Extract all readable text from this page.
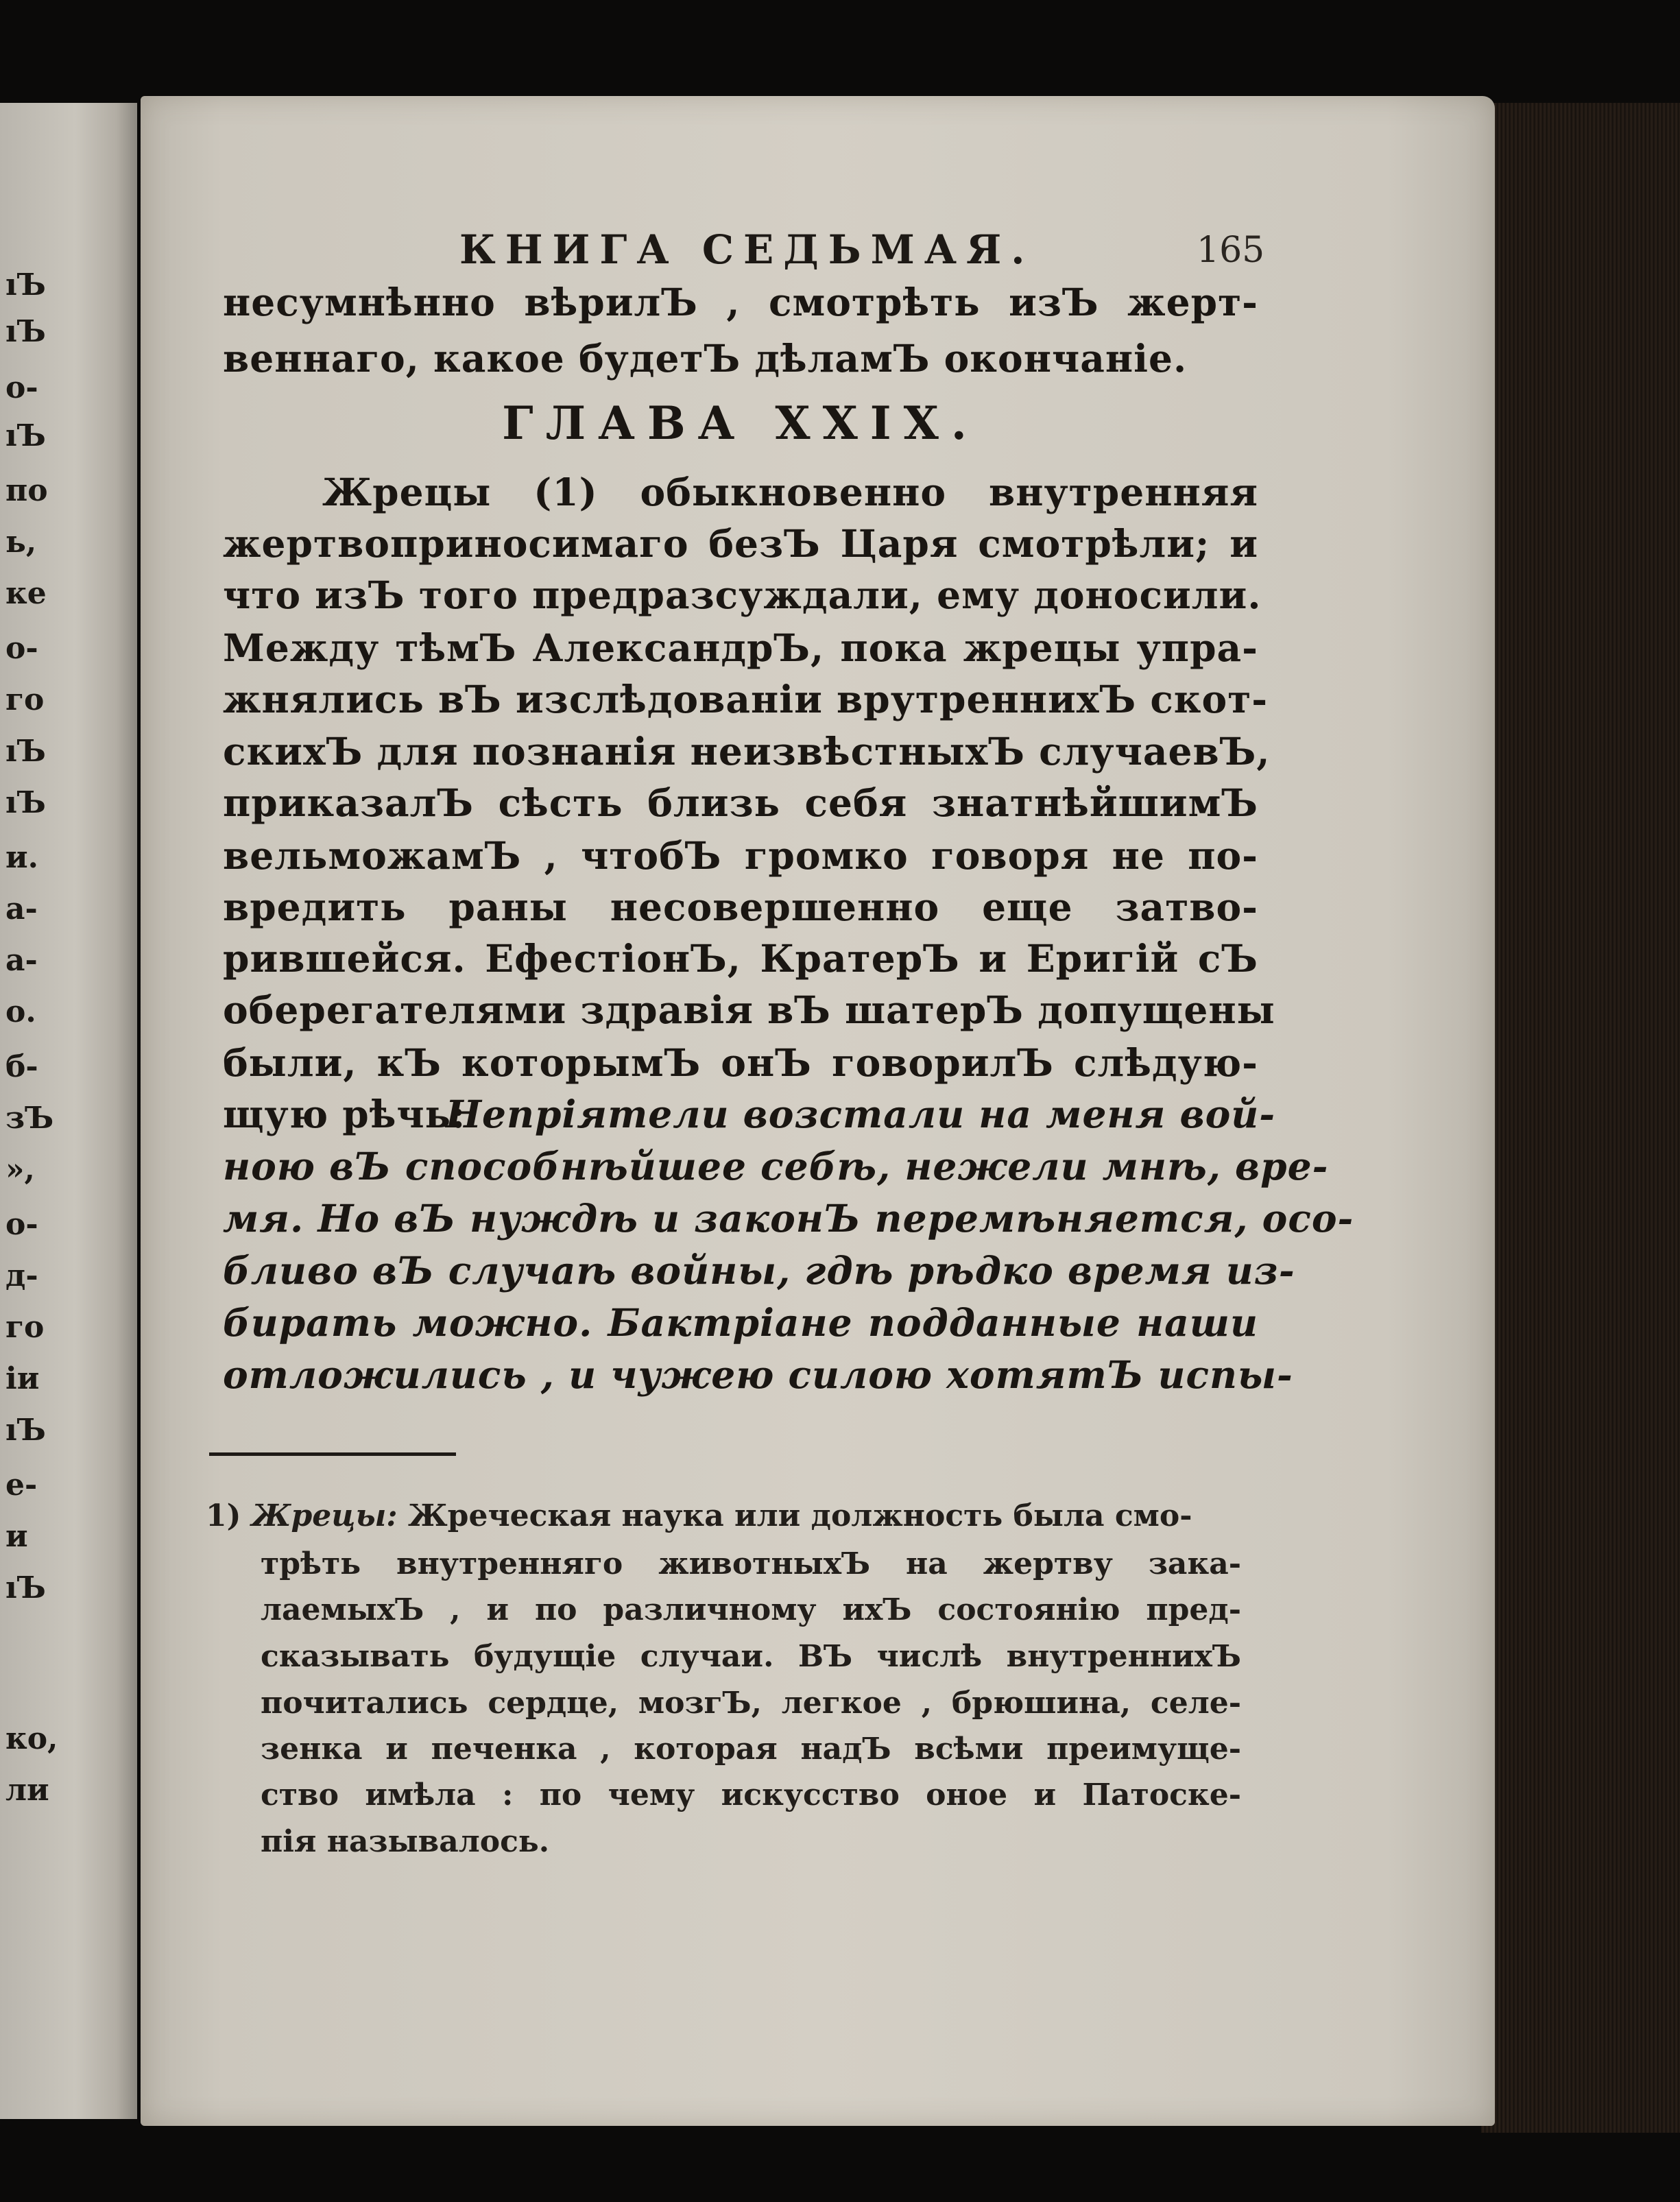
ıЪ
ıЪ
о-
ıЪ
по
ь,
ке
о-
го
ıЪ
ıЪ
и.
а-
а-
о.
б-
зЪ
»,
о-
д-
го
іи
ıЪ
е-
и
ıЪ
ко,
ли
КНИГА СЕДЬМАЯ.	165
несумнѣнно вѣрилЪ , смотрѣть изЪ жерт-
веннаго, какое будетЪ дѣламЪ окончаніе.
ГЛАВА XXIX.
Жрецы (1) обыкновенно внутренняя
жертвоприносимаго безЪ Царя смотрѣли; и
что изЪ того предразсуждали, ему доносили.
Между тѣмЪ АлександрЪ, пока жрецы упра-
жнялись вЪ изслѣдованіи врутреннихЪ скот-
скихЪ для познанія неизвѣстныхЪ случаевЪ,
приказалЪ сѣсть близь себя знатнѣйшимЪ
вельможамЪ , чтобЪ громко говоря не по-
вредить раны несовершенно еще затво-
рившейся. ЕфестіонЪ, КратерЪ и Еригій сЪ
оберегателями здравія вЪ шатерЪ допущены
были, кЪ которымЪ онЪ говорилЪ слѣдую-
щую рѣчь:
Непріятели возстали на меня вой-
ною вЪ способнѣйшее себѣ, нежели мнѣ, вре-
мя. Но вЪ нуждѣ и законЪ перемѣняется, осо-
бливо вЪ случаѣ войны, гдѣ рѣдко время из-
бирать можно. Бактріане подданные наши
отложились , и чужею силою хотятЪ испы-
1) Жрецы: Жреческая наука или должность была смо-
трѣть внутренняго животныхЪ на жертву зака-
лаемыхЪ , и по различному ихЪ состоянію пред-
сказывать будущіе случаи. ВЪ числѣ внутреннихЪ
почитались сердце, мозгЪ, легкое , брюшина, селе-
зенка и печенка , которая надЪ всѣми преимуще-
ство имѣла : по чему искусство оное и Патоске-
пія называлось.
